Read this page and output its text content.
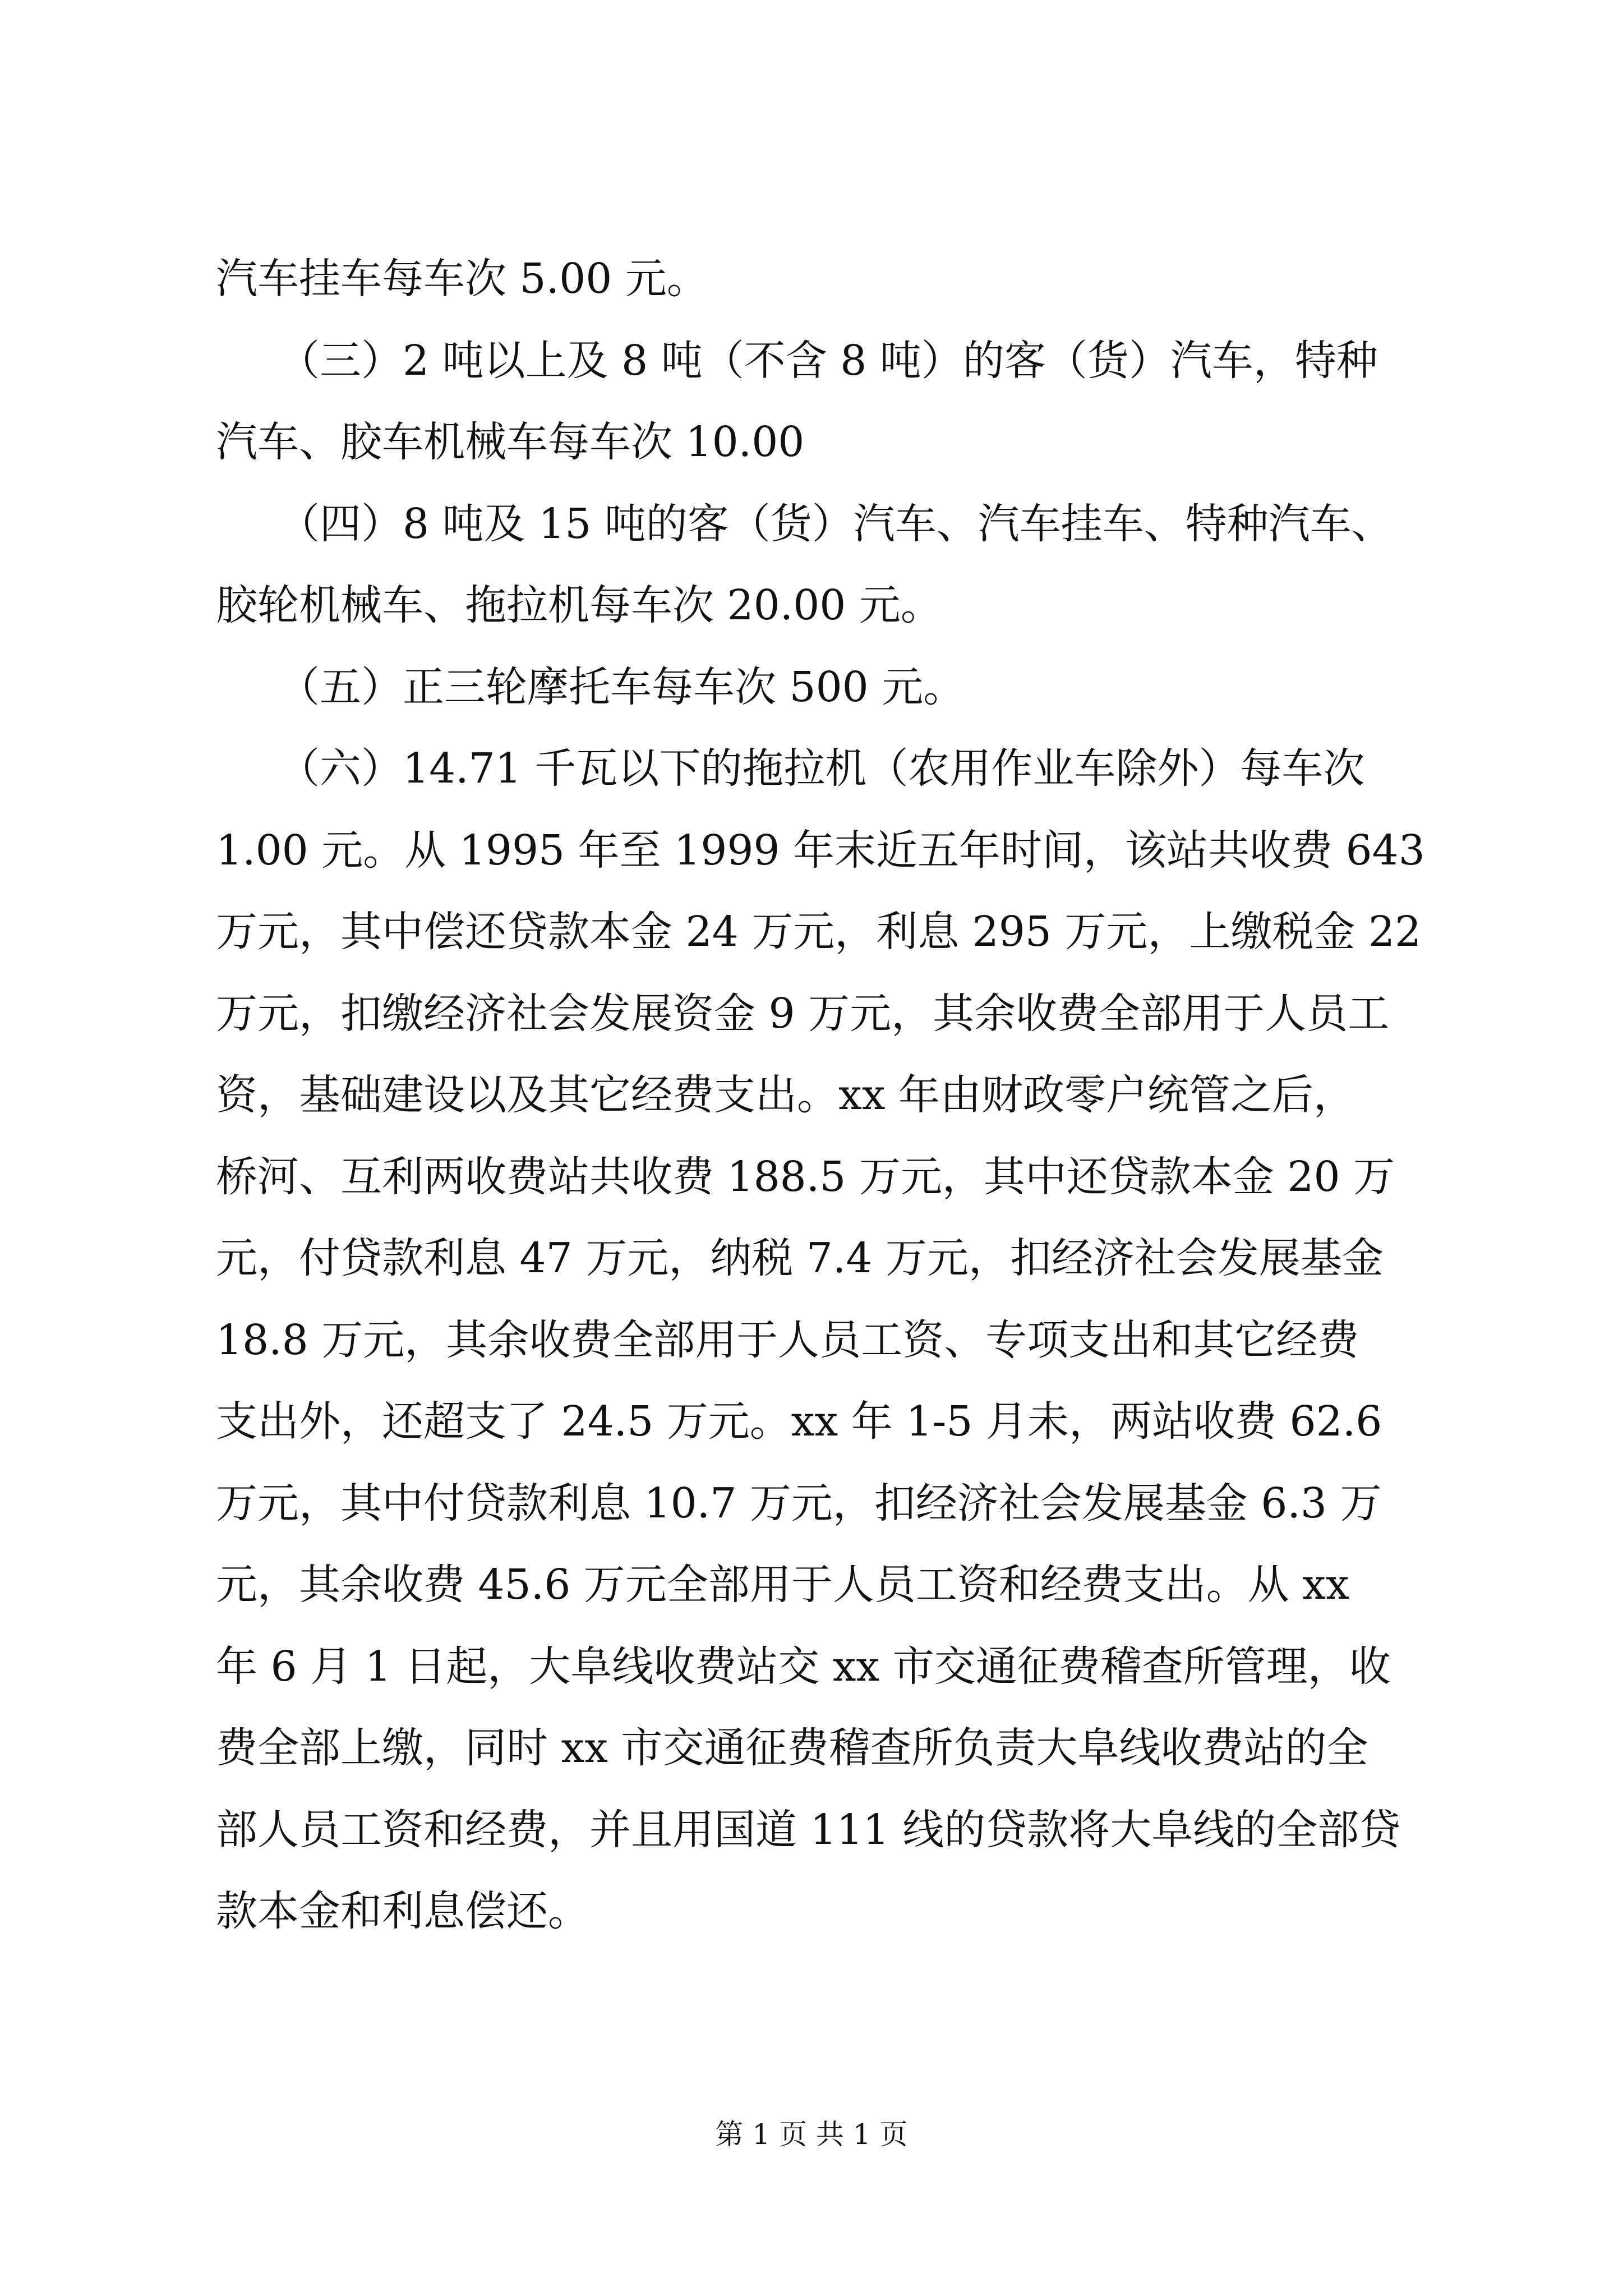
汽车挂车每车次 5.00 元。
　　（三）2 吨以上及 8 吨（不含 8 吨）的客（货）汽车，特种
汽车、胶车机械车每车次 10.00
　　（四）8 吨及 15 吨的客（货）汽车、汽车挂车、特种汽车、
胶轮机械车、拖拉机每车次 20.00 元。
　　（五）正三轮摩托车每车次 500 元。
　　（六）14.71 千瓦以下的拖拉机（农用作业车除外）每车次
1.00 元。从 1995 年至 1999 年末近五年时间，该站共收费 643
万元，其中偿还贷款本金 24 万元，利息 295 万元，上缴税金 22
万元，扣缴经济社会发展资金 9 万元，其余收费全部用于人员工
资，基础建设以及其它经费支出。xx 年由财政零户统管之后，
桥河、互利两收费站共收费 188.5 万元，其中还贷款本金 20 万
元，付贷款利息 47 万元，纳税 7.4 万元，扣经济社会发展基金
18.8 万元，其余收费全部用于人员工资、专项支出和其它经费
支出外，还超支了 24.5 万元。xx 年 1-5 月未，两站收费 62.6
万元，其中付贷款利息 10.7 万元，扣经济社会发展基金 6.3 万
元，其余收费 45.6 万元全部用于人员工资和经费支出。从 xx
年 6 月 1 日起，大阜线收费站交 xx 市交通征费稽查所管理，收
费全部上缴，同时 xx 市交通征费稽查所负责大阜线收费站的全
部人员工资和经费，并且用国道 111 线的贷款将大阜线的全部贷
款本金和利息偿还。
第 1 页 共 1 页
